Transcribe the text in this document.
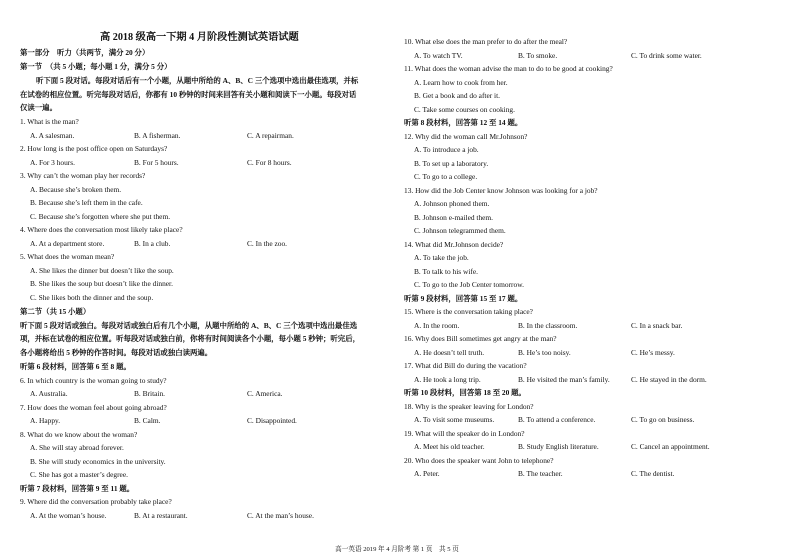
高 2018 级高一下期 4 月阶段性测试英语试题
第一部分　听力（共两节，满分 20 分）
第一节　（共 5 小题；每小题 1 分，满分 5 分）
听下面 5 段对话。每段对话后有一个小题，从题中所给的 A、B、C 三个选项中选出最佳选项，并标
在试卷的相应位置。听完每段对话后，你都有 10 秒钟的时间来回答有关小题和阅读下一小题。每段对话
仅读一遍。
1. What is the man?
A. A salesman.	B. A fisherman.	C. A repairman.
2. How long is the post office open on Saturdays?
A. For 3 hours.	B. For 5 hours.	C. For 8 hours.
3. Why can’t the woman play her records?
A. Because she’s broken them.
B. Because she’s left them in the cafe.
C. Because she’s forgotten where she put them.
4. Where does the conversation most likely take place?
A. At a department store.	B. In a club.	C. In the zoo.
5. What does the woman mean?
A. She likes the dinner but doesn’t like the soup.
B. She likes the soup but doesn’t like the dinner.
C. She likes both the dinner and the soup.
第二节（共 15 小题）
听下面 5 段对话或独白。每段对话或独白后有几个小题，从题中所给的 A、B、C 三个选项中选出最佳选
项，并标在试卷的相应位置。听每段对话或独白前，你将有时间阅读各个小题，每小题 5 秒钟；听完后，
各小题将给出 5 秒钟的作答时间。每段对话或独白读两遍。
听第 6 段材料，回答第 6 至 8 题。
6. In which country is the woman going to study?
A. Australia.	B. Britain.	C. America.
7. How does the woman feel about going abroad?
A. Happy.	B. Calm.	C. Disappointed.
8. What do we know about the woman?
A. She will stay abroad forever.
B. She will study economics in the university.
C. She has got a master’s degree.
听第 7 段材料，回答第 9 至 11 题。
9. Where did the conversation probably take place?
A. At the woman’s house.	B. At a restaurant.	C. At the man’s house.
10. What else does the man prefer to do after the meal?
A. To watch TV.	B. To smoke.	C. To drink some water.
11. What does the woman advise the man to do to be good at cooking?
A. Learn how to cook from her.
B. Get a book and do after it.
C. Take some courses on cooking.
听第 8 段材料，回答第 12 至 14 题。
12. Why did the woman call Mr.Johnson?
A. To introduce a job.
B. To set up a laboratory.
C. To go to a college.
13. How did the Job Center know Johnson was looking for a job?
A. Johnson phoned them.
B. Johnson e-mailed them.
C. Johnson telegrammed them.
14. What did Mr.Johnson decide?
A. To take the job.
B. To talk to his wife.
C. To go to the Job Center tomorrow.
听第 9 段材料，回答第 15 至 17 题。
15. Where is the conversation taking place?
A. In the room.	B. In the classroom.	C. In a snack bar.
16. Why does Bill sometimes get angry at the man?
A. He doesn’t tell truth.	B. He’s too noisy.	C. He’s messy.
17. What did Bill do during the vacation?
A. He took a long trip.	B. He visited the man’s family.	C. He stayed in the dorm.
听第 10 段材料，回答第 18 至 20 题。
18. Why is the speaker leaving for London?
A. To visit some museums.	B. To attend a conference.	C. To go on business.
19. What will the speaker do in London?
A. Meet his old teacher.	B. Study English literature.	C. Cancel an appointment.
20. Who does the speaker want John to telephone?
A. Peter.	B. The teacher.	C. The dentist.
高一英语 2019 年 4 月阶考 第 1 页　共 5 页
